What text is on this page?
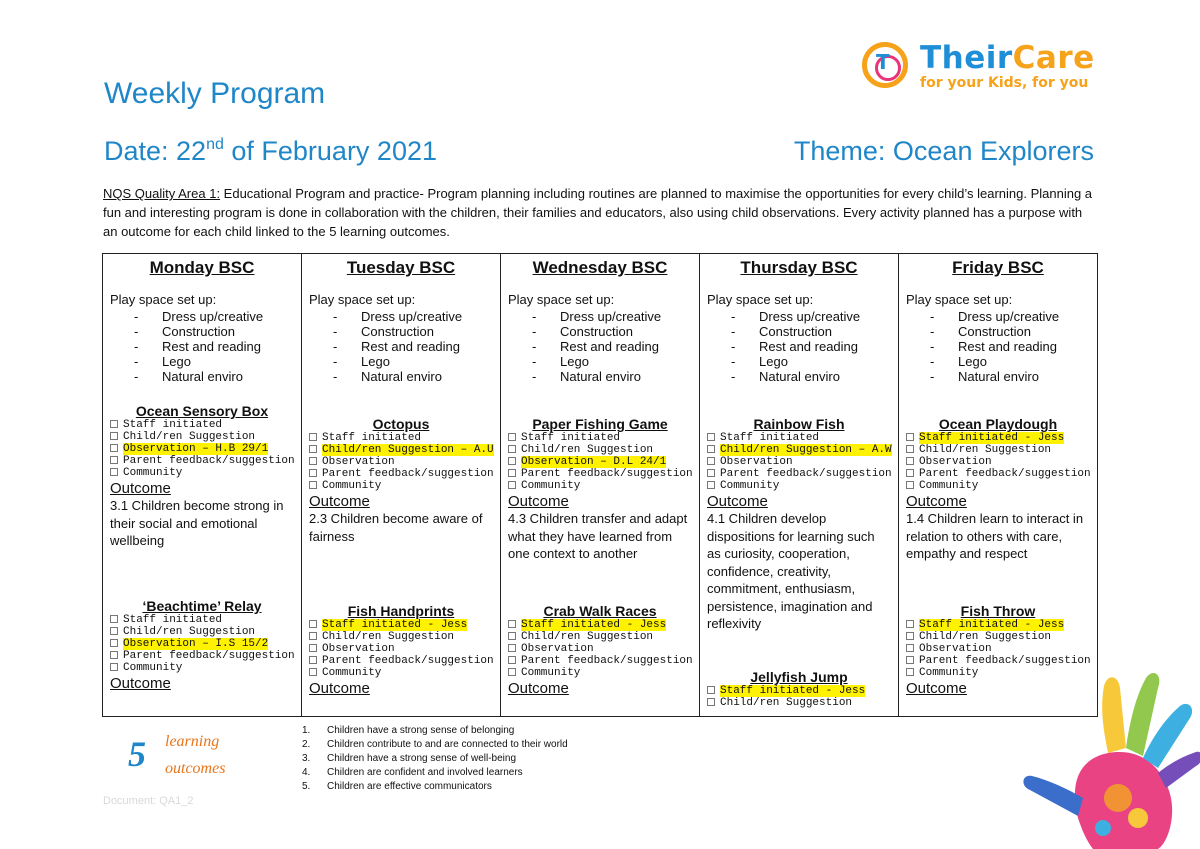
T TheirCare
for your Kids, for you
Weekly Program
Date: 22nd of February 2021	Theme: Ocean Explorers

NQS Quality Area 1: Educational Program and practice- Program planning including routines are planned to maximise the opportunities for every child’s learning. Planning a fun and interesting program is done in collaboration with the children, their families and educators, also using child observations. Every activity planned has a purpose with an outcome for each child linked to the 5 learning outcomes.

Monday BSC
Play space set up:
- Dress up/creative
- Construction
- Rest and reading
- Lego
- Natural enviro
Ocean Sensory Box
Staff initiated
Child/ren Suggestion
Observation – H.B 29/1
Parent feedback/suggestion
Community
Outcome
3.1 Children become strong in their social and emotional wellbeing
‘Beachtime’ Relay
Staff initiated
Child/ren Suggestion
Observation – I.S 15/2
Parent feedback/suggestion
Community
Outcome
Tuesday BSC
Play space set up:
- Dress up/creative
- Construction
- Rest and reading
- Lego
- Natural enviro
Octopus
Staff initiated
Child/ren Suggestion – A.U
Observation
Parent feedback/suggestion
Community
Outcome
2.3 Children become aware of fairness
Fish Handprints
Staff initiated - Jess
Child/ren Suggestion
Observation
Parent feedback/suggestion
Community
Outcome
Wednesday BSC
Play space set up:
- Dress up/creative
- Construction
- Rest and reading
- Lego
- Natural enviro
Paper Fishing Game
Staff initiated
Child/ren Suggestion
Observation – D.L 24/1
Parent feedback/suggestion
Community
Outcome
4.3 Children transfer and adapt what they have learned from one context to another
Crab Walk Races
Staff initiated - Jess
Child/ren Suggestion
Observation
Parent feedback/suggestion
Community
Outcome
Thursday BSC
Play space set up:
- Dress up/creative
- Construction
- Rest and reading
- Lego
- Natural enviro
Rainbow Fish
Staff initiated
Child/ren Suggestion – A.W
Observation
Parent feedback/suggestion
Community
Outcome
4.1 Children develop dispositions for learning such as curiosity, cooperation, confidence, creativity, commitment, enthusiasm, persistence, imagination and reflexivity
Jellyfish Jump
Staff initiated - Jess
Child/ren Suggestion
Friday BSC
Play space set up:
- Dress up/creative
- Construction
- Rest and reading
- Lego
- Natural enviro
Ocean Playdough
Staff initiated - Jess
Child/ren Suggestion
Observation
Parent feedback/suggestion
Community
Outcome
1.4 Children learn to interact in relation to others with care, empathy and respect
Fish Throw
Staff initiated - Jess
Child/ren Suggestion
Observation
Parent feedback/suggestion
Community
Outcome
5 learning
outcomes
1. Children have a strong sense of belonging
2. Children contribute to and are connected to their world
3. Children have a strong sense of well-being
4. Children are confident and involved learners
5. Children are effective communicators
Document: QA1_2
